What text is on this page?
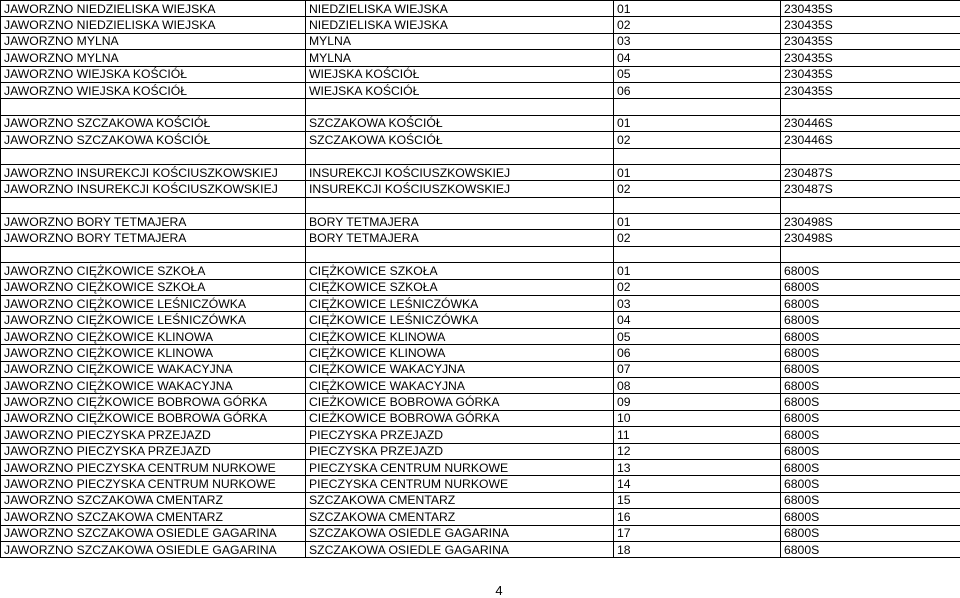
JAWORZNO NIEDZIELISKA WIEJSKA	NIEDZIELISKA WIEJSKA	01	230435S
JAWORZNO NIEDZIELISKA WIEJSKA	NIEDZIELISKA WIEJSKA	02	230435S
JAWORZNO MYLNA	MYLNA	03	230435S
JAWORZNO MYLNA	MYLNA	04	230435S
JAWORZNO WIEJSKA KOŚCIÓŁ	WIEJSKA KOŚCIÓŁ	05	230435S
JAWORZNO WIEJSKA KOŚCIÓŁ	WIEJSKA KOŚCIÓŁ	06	230435S

JAWORZNO SZCZAKOWA KOŚCIÓŁ	SZCZAKOWA KOŚCIÓŁ	01	230446S
JAWORZNO SZCZAKOWA KOŚCIÓŁ	SZCZAKOWA KOŚCIÓŁ	02	230446S

JAWORZNO INSUREKCJI KOŚCIUSZKOWSKIEJ	INSUREKCJI KOŚCIUSZKOWSKIEJ	01	230487S
JAWORZNO INSUREKCJI KOŚCIUSZKOWSKIEJ	INSUREKCJI KOŚCIUSZKOWSKIEJ	02	230487S

JAWORZNO BORY TETMAJERA	BORY TETMAJERA	01	230498S
JAWORZNO BORY TETMAJERA	BORY TETMAJERA	02	230498S

JAWORZNO CIĘŻKOWICE SZKOŁA	CIĘŻKOWICE SZKOŁA	01	6800S
JAWORZNO CIĘŻKOWICE SZKOŁA	CIĘŻKOWICE SZKOŁA	02	6800S
JAWORZNO CIĘŻKOWICE LEŚNICZÓWKA	CIĘŻKOWICE LEŚNICZÓWKA	03	6800S
JAWORZNO CIĘŻKOWICE LEŚNICZÓWKA	CIĘŻKOWICE LEŚNICZÓWKA	04	6800S
JAWORZNO CIĘŻKOWICE KLINOWA	CIĘŻKOWICE KLINOWA	05	6800S
JAWORZNO CIĘŻKOWICE KLINOWA	CIĘŻKOWICE KLINOWA	06	6800S
JAWORZNO CIĘŻKOWICE WAKACYJNA	CIĘŻKOWICE WAKACYJNA	07	6800S
JAWORZNO CIĘŻKOWICE WAKACYJNA	CIĘŻKOWICE WAKACYJNA	08	6800S
JAWORZNO CIĘŻKOWICE BOBROWA GÓRKA	CIEŻKOWICE BOBROWA GÓRKA	09	6800S
JAWORZNO CIĘŻKOWICE BOBROWA GÓRKA	CIEŻKOWICE BOBROWA GÓRKA	10	6800S
JAWORZNO PIECZYSKA PRZEJAZD	PIECZYSKA PRZEJAZD	11	6800S
JAWORZNO PIECZYSKA PRZEJAZD	PIECZYSKA PRZEJAZD	12	6800S
JAWORZNO PIECZYSKA CENTRUM NURKOWE	PIECZYSKA CENTRUM NURKOWE	13	6800S
JAWORZNO PIECZYSKA CENTRUM NURKOWE	PIECZYSKA CENTRUM NURKOWE	14	6800S
JAWORZNO SZCZAKOWA CMENTARZ	SZCZAKOWA CMENTARZ	15	6800S
JAWORZNO SZCZAKOWA CMENTARZ	SZCZAKOWA CMENTARZ	16	6800S
JAWORZNO SZCZAKOWA OSIEDLE GAGARINA	SZCZAKOWA OSIEDLE GAGARINA	17	6800S
JAWORZNO SZCZAKOWA OSIEDLE GAGARINA	SZCZAKOWA OSIEDLE GAGARINA	18	6800S
4
